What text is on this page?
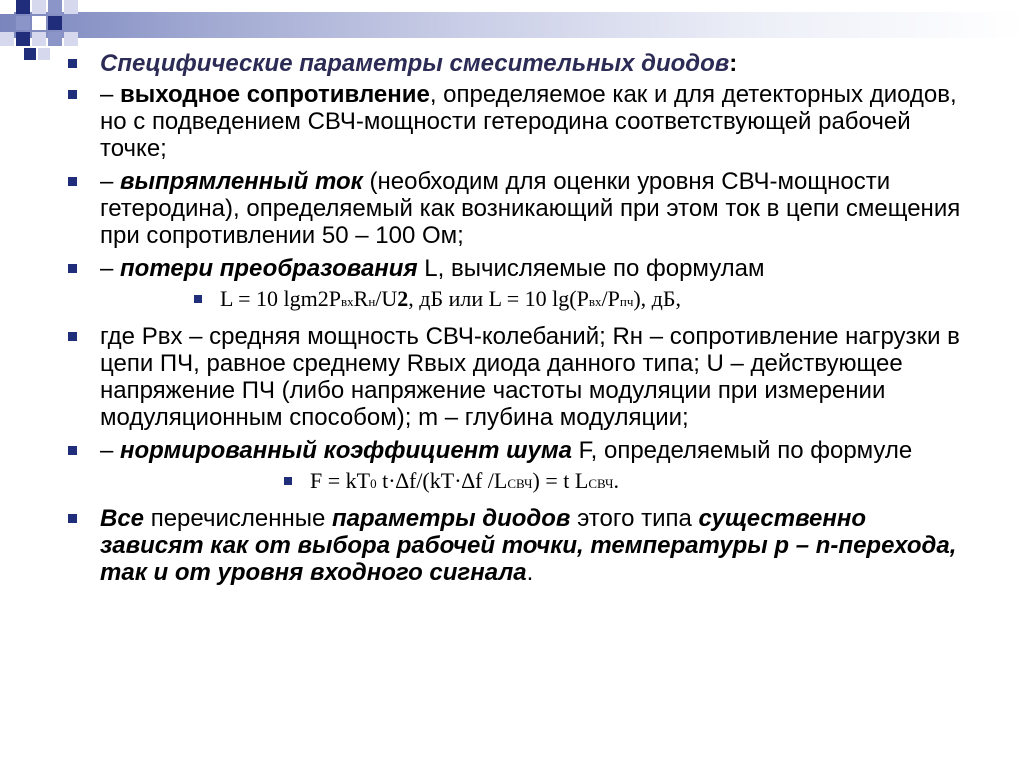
Специфические параметры смесительных диодов:
– выходное сопротивление, определяемое как и для детекторных диодов, но с подведением СВЧ-мощности гетеродина соответствующей рабочей точке;
– выпрямленный ток (необходим для оценки уровня СВЧ-мощности гетеродина), определяемый как возникающий при этом ток в цепи смещения при сопротивлении 50 – 100 Ом;
– потери преобразования L, вычисляемые по формулам
L = 10 lgm2PвхRн/U2, дБ или L = 10 lg(Pвх/Pпч), дБ,
где Pвх – средняя мощность СВЧ-колебаний; Rн – сопротивление нагрузки в цепи ПЧ, равное среднему Rвых диода данного типа; U – действующее напряжение ПЧ (либо напряжение частоты модуляции при измерении модуляционным способом); m – глубина модуляции;
– нормированный коэффициент шума F, определяемый по формуле
F = kT0 t·∆f/(kT·∆f /LСВЧ) = t LСВЧ.
Все перечисленные параметры диодов этого типа существенно зависят как от выбора рабочей точки, температуры p – n-перехода, так и от уровня входного сигнала.
